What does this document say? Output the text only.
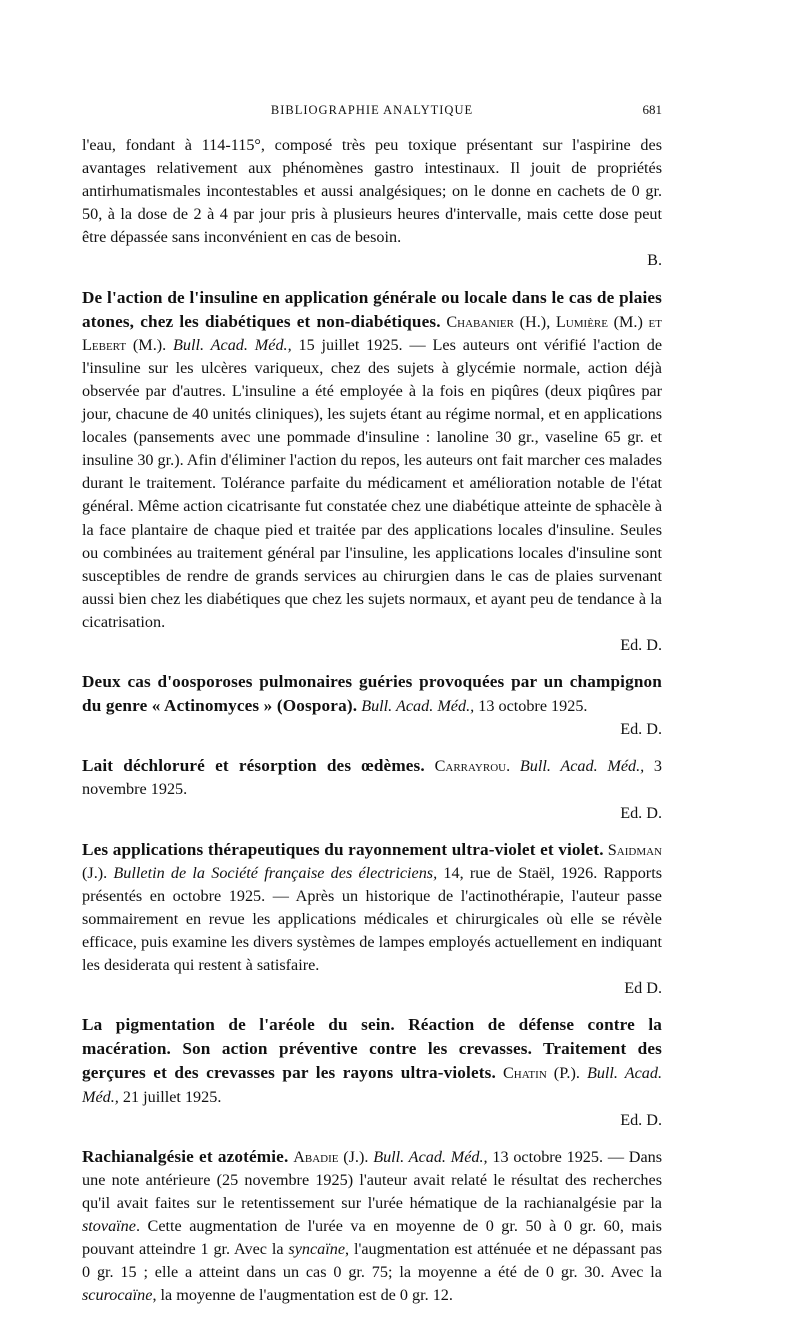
BIBLIOGRAPHIE ANALYTIQUE	681

l'eau, fondant à 114-115°, composé très peu toxique présentant sur l'aspirine des avantages relativement aux phénomènes gastro intestinaux. Il jouit de propriétés antirhumatismales incontestables et aussi analgésiques; on le donne en cachets de 0 gr. 50, à la dose de 2 à 4 par jour pris à plusieurs heures d'intervalle, mais cette dose peut être dépassée sans inconvénient en cas de besoin.
B.

De l'action de l'insuline en application générale ou locale dans le cas de plaies atones, chez les diabétiques et non-diabétiques. Chabanier (H.), Lumière (M.) et Lebert (M.). Bull. Acad. Méd., 15 juillet 1925. — Les auteurs ont vérifié l'action de l'insuline sur les ulcères variqueux, chez des sujets à glycémie normale, action déjà observée par d'autres. L'insuline a été employée à la fois en piqûres (deux piqûres par jour, chacune de 40 unités cliniques), les sujets étant au régime normal, et en applications locales (pansements avec une pommade d'insuline : lanoline 30 gr., vaseline 65 gr. et insuline 30 gr.). Afin d'éliminer l'action du repos, les auteurs ont fait marcher ces malades durant le traitement. Tolérance parfaite du médicament et amélioration notable de l'état général. Même action cicatrisante fut constatée chez une diabétique atteinte de sphacèle à la face plantaire de chaque pied et traitée par des applications locales d'insuline. Seules ou combinées au traitement général par l'insuline, les applications locales d'insuline sont susceptibles de rendre de grands services au chirurgien dans le cas de plaies survenant aussi bien chez les diabétiques que chez les sujets normaux, et ayant peu de tendance à la cicatrisation.
Ed. D.

Deux cas d'oosporoses pulmonaires guéries provoquées par un champignon du genre « Actinomyces » (Oospora). Bull. Acad. Méd., 13 octobre 1925.
Ed. D.

Lait déchloruré et résorption des œdèmes. Carrayrou. Bull. Acad. Méd., 3 novembre 1925.
Ed. D.

Les applications thérapeutiques du rayonnement ultra-violet et violet. Saidman (J.). Bulletin de la Société française des électriciens, 14, rue de Staël, 1926. Rapports présentés en octobre 1925. — Après un historique de l'actinothérapie, l'auteur passe sommairement en revue les applications médicales et chirurgicales où elle se révèle efficace, puis examine les divers systèmes de lampes employés actuellement en indiquant les desiderata qui restent à satisfaire.
Ed D.

La pigmentation de l'aréole du sein. Réaction de défense contre la macération. Son action préventive contre les crevasses. Traitement des gerçures et des crevasses par les rayons ultra-violets. Chatin (P.). Bull. Acad. Méd., 21 juillet 1925.
Ed. D.

Rachianalgésie et azotémie. Abadie (J.). Bull. Acad. Méd., 13 octobre 1925. — Dans une note antérieure (25 novembre 1925) l'auteur avait relaté le résultat des recherches qu'il avait faites sur le retentissement sur l'urée hématique de la rachianalgésie par la stovaïne. Cette augmentation de l'urée va en moyenne de 0 gr. 50 à 0 gr. 60, mais pouvant atteindre 1 gr. Avec la syncaïne, l'augmentation est atténuée et ne dépassant pas 0 gr. 15 ; elle a atteint dans un cas 0 gr. 75; la moyenne a été de 0 gr. 30. Avec la scurocaïne, la moyenne de l'augmentation est de 0 gr. 12.
